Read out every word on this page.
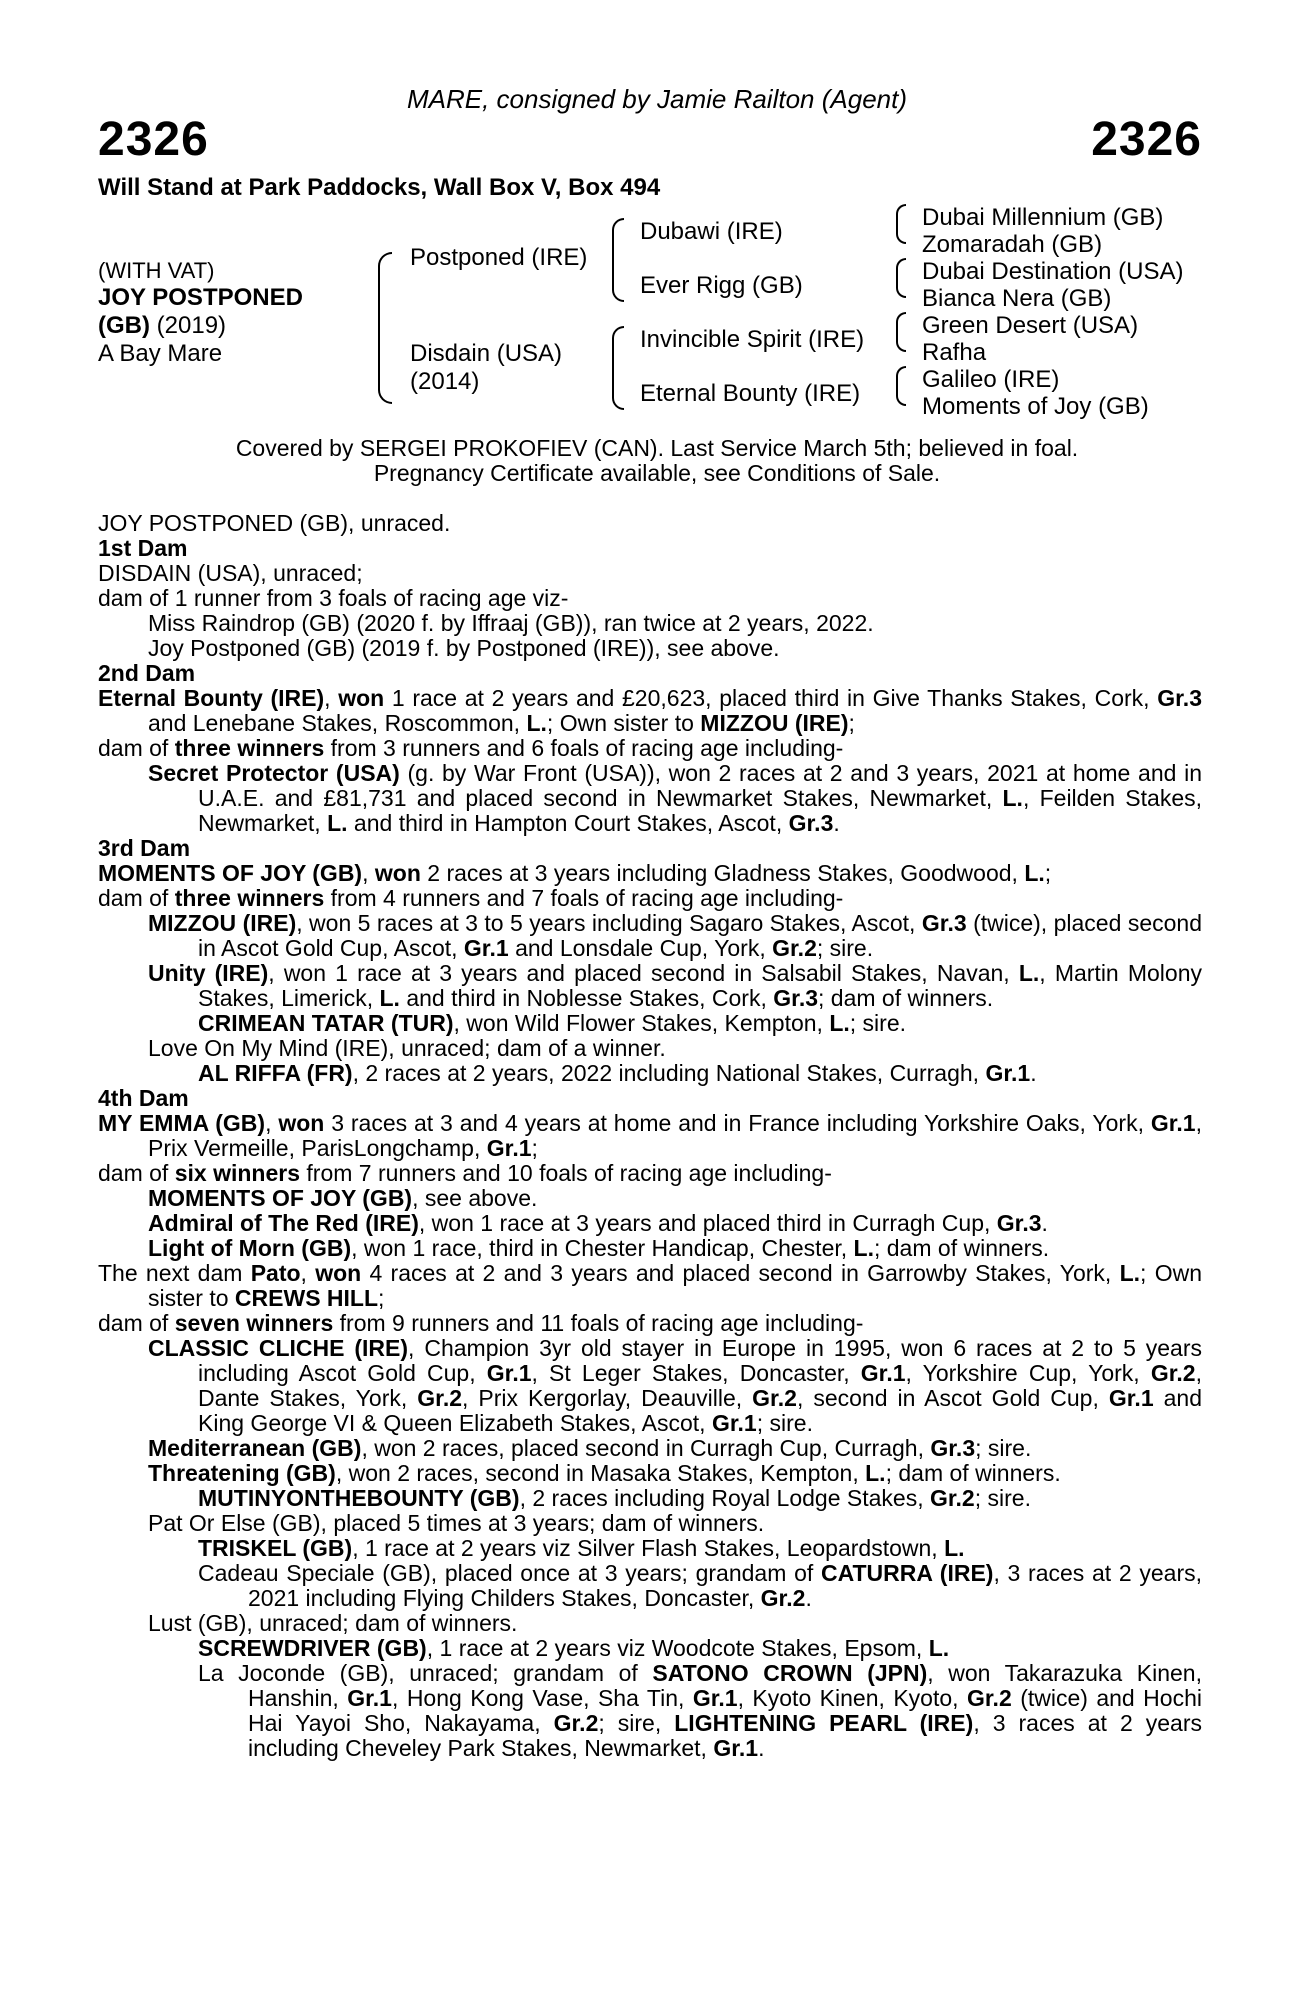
MARE, consigned by Jamie Railton (Agent)
2326	2326
Will Stand at Park Paddocks, Wall Box V, Box 494
(WITH VAT)
JOY POSTPONED
(GB) (2019)
A Bay Mare
Postponed (IRE)
Disdain (USA)
(2014)
Dubawi (IRE)
Ever Rigg (GB)
Invincible Spirit (IRE)
Eternal Bounty (IRE)
Dubai Millennium (GB)
Zomaradah (GB)
Dubai Destination (USA)
Bianca Nera (GB)
Green Desert (USA)
Rafha
Galileo (IRE)
Moments of Joy (GB)
Covered by SERGEI PROKOFIEV (CAN). Last Service March 5th; believed in foal.
Pregnancy Certificate available, see Conditions of Sale.

JOY POSTPONED (GB), unraced.

1st Dam

DISDAIN (USA), unraced;

dam of 1 runner from 3 foals of racing age viz-

Miss Raindrop (GB) (2020 f. by Iffraaj (GB)), ran twice at 2 years, 2022.

Joy Postponed (GB) (2019 f. by Postponed (IRE)), see above.

2nd Dam

Eternal Bounty (IRE), won 1 race at 2 years and £20,623, placed third in Give Thanks Stakes, Cork, Gr.3 and Lenebane Stakes, Roscommon, L.; Own sister to MIZZOU (IRE);

dam of three winners from 3 runners and 6 foals of racing age including-

Secret Protector (USA) (g. by War Front (USA)), won 2 races at 2 and 3 years, 2021 at home and in U.A.E. and £81,731 and placed second in Newmarket Stakes, Newmarket, L., Feilden Stakes, Newmarket, L. and third in Hampton Court Stakes, Ascot, Gr.3.

3rd Dam

MOMENTS OF JOY (GB), won 2 races at 3 years including Gladness Stakes, Goodwood, L.;

dam of three winners from 4 runners and 7 foals of racing age including-

MIZZOU (IRE), won 5 races at 3 to 5 years including Sagaro Stakes, Ascot, Gr.3 (twice), placed second in Ascot Gold Cup, Ascot, Gr.1 and Lonsdale Cup, York, Gr.2; sire.

Unity (IRE), won 1 race at 3 years and placed second in Salsabil Stakes, Navan, L., Martin Molony Stakes, Limerick, L. and third in Noblesse Stakes, Cork, Gr.3; dam of winners.

CRIMEAN TATAR (TUR), won Wild Flower Stakes, Kempton, L.; sire.

Love On My Mind (IRE), unraced; dam of a winner.

AL RIFFA (FR), 2 races at 2 years, 2022 including National Stakes, Curragh, Gr.1.

4th Dam

MY EMMA (GB), won 3 races at 3 and 4 years at home and in France including Yorkshire Oaks, York, Gr.1, Prix Vermeille, ParisLongchamp, Gr.1;

dam of six winners from 7 runners and 10 foals of racing age including-

MOMENTS OF JOY (GB), see above.

Admiral of The Red (IRE), won 1 race at 3 years and placed third in Curragh Cup, Gr.3.

Light of Morn (GB), won 1 race, third in Chester Handicap, Chester, L.; dam of winners.

The next dam Pato, won 4 races at 2 and 3 years and placed second in Garrowby Stakes, York, L.; Own sister to CREWS HILL;

dam of seven winners from 9 runners and 11 foals of racing age including-

CLASSIC CLICHE (IRE), Champion 3yr old stayer in Europe in 1995, won 6 races at 2 to 5 years including Ascot Gold Cup, Gr.1, St Leger Stakes, Doncaster, Gr.1, Yorkshire Cup, York, Gr.2, Dante Stakes, York, Gr.2, Prix Kergorlay, Deauville, Gr.2, second in Ascot Gold Cup, Gr.1 and King George VI & Queen Elizabeth Stakes, Ascot, Gr.1; sire.

Mediterranean (GB), won 2 races, placed second in Curragh Cup, Curragh, Gr.3; sire.

Threatening (GB), won 2 races, second in Masaka Stakes, Kempton, L.; dam of winners.

MUTINYONTHEBOUNTY (GB), 2 races including Royal Lodge Stakes, Gr.2; sire.

Pat Or Else (GB), placed 5 times at 3 years; dam of winners.

TRISKEL (GB), 1 race at 2 years viz Silver Flash Stakes, Leopardstown, L.

Cadeau Speciale (GB), placed once at 3 years; grandam of CATURRA (IRE), 3 races at 2 years, 2021 including Flying Childers Stakes, Doncaster, Gr.2.

Lust (GB), unraced; dam of winners.

SCREWDRIVER (GB), 1 race at 2 years viz Woodcote Stakes, Epsom, L.

La Joconde (GB), unraced; grandam of SATONO CROWN (JPN), won Takarazuka Kinen, Hanshin, Gr.1, Hong Kong Vase, Sha Tin, Gr.1, Kyoto Kinen, Kyoto, Gr.2 (twice) and Hochi Hai Yayoi Sho, Nakayama, Gr.2; sire, LIGHTENING PEARL (IRE), 3 races at 2 years including Cheveley Park Stakes, Newmarket, Gr.1.
